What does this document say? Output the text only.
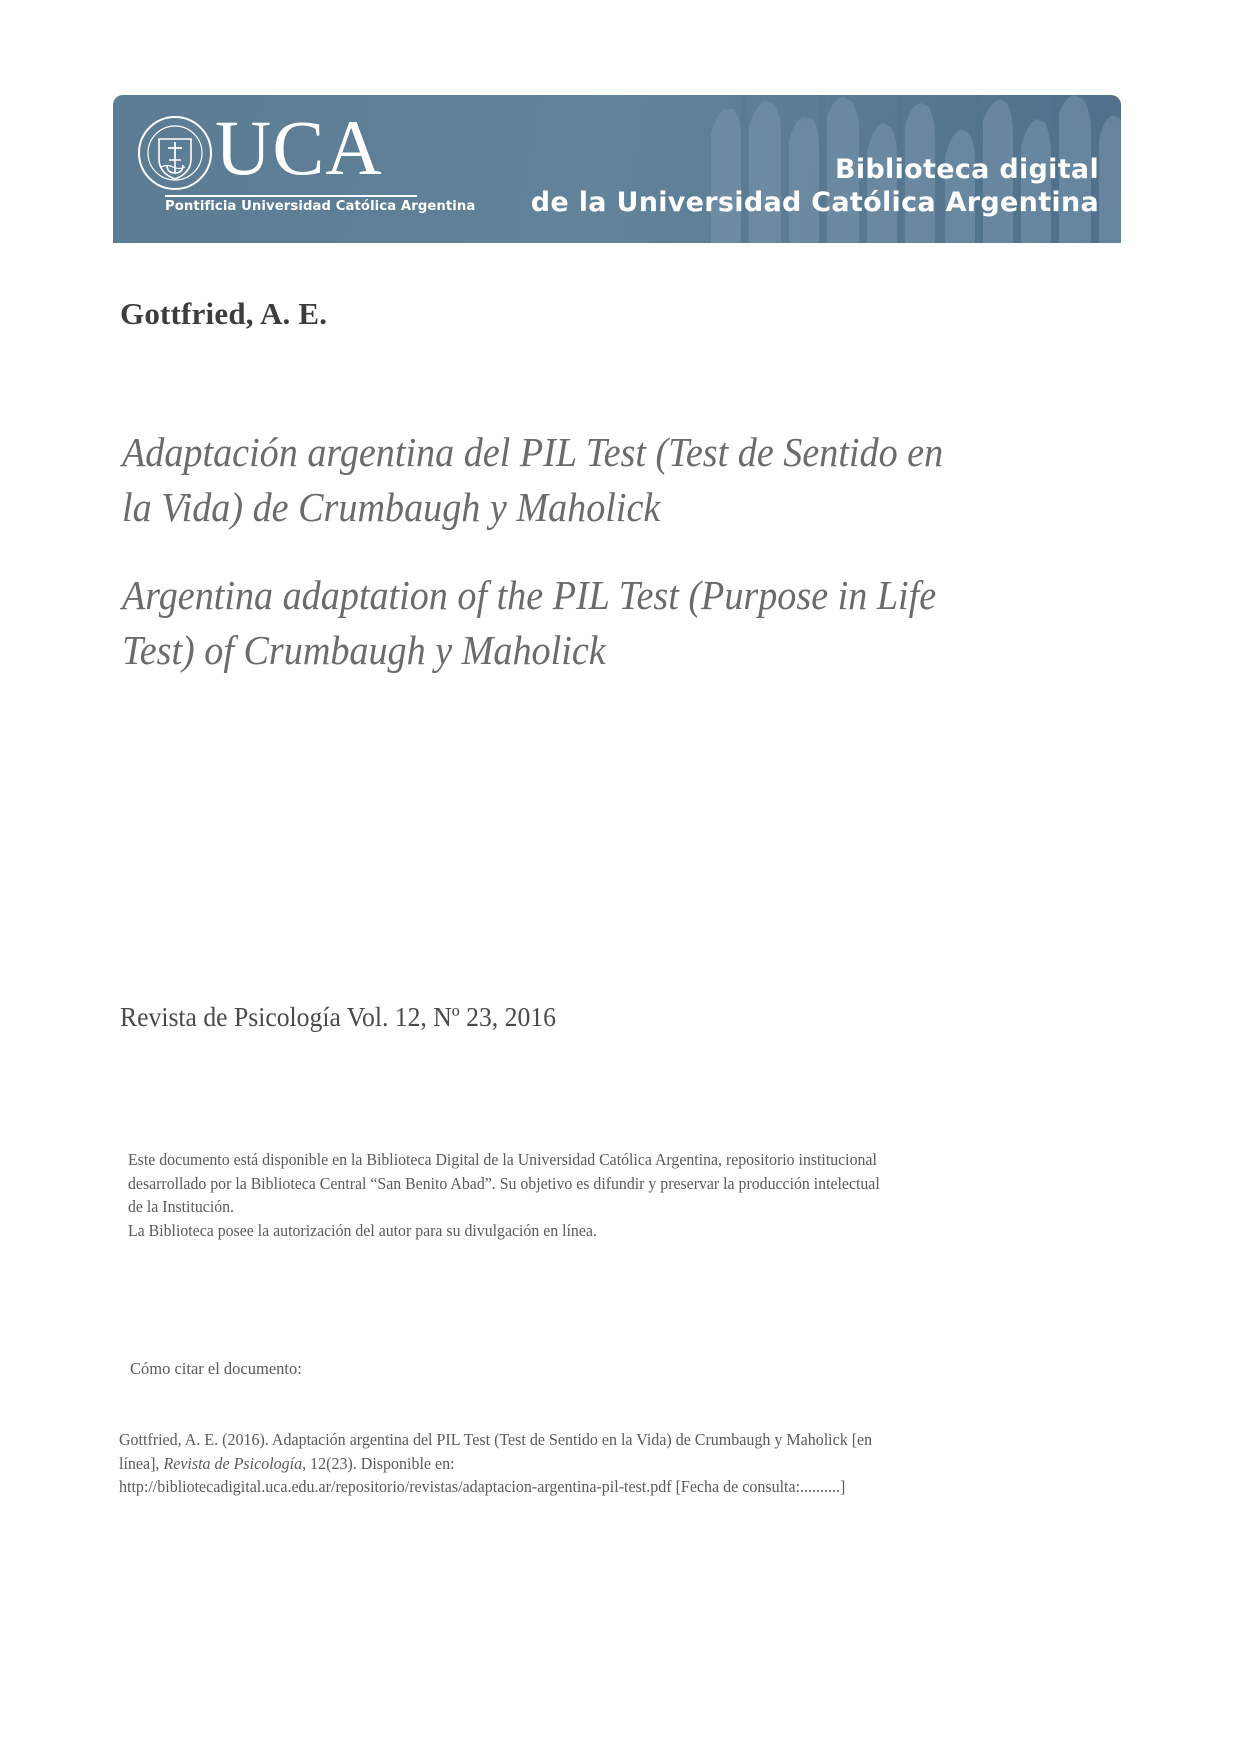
UCA
Pontificia Universidad Católica Argentina
Biblioteca digital
de la Universidad Católica Argentina
Gottfried, A. E.
Adaptación argentina del PIL Test (Test de Sentido en la Vida) de Crumbaugh y Maholick
Argentina adaptation of the PIL Test (Purpose in Life Test) of Crumbaugh y Maholick
Revista de Psicología Vol. 12, Nº 23, 2016

Este documento está disponible en la Biblioteca Digital de la Universidad Católica Argentina, repositorio institucional

desarrollado por la Biblioteca Central “San Benito Abad”. Su objetivo es difundir y preservar la producción intelectual

de la Institución.

La Biblioteca posee la autorización del autor para su divulgación en línea.

Cómo citar el documento:

Gottfried, A. E. (2016). Adaptación argentina del PIL Test (Test de Sentido en la Vida) de Crumbaugh y Maholick [en

línea], Revista de Psicología, 12(23). Disponible en:

http://bibliotecadigital.uca.edu.ar/repositorio/revistas/adaptacion-argentina-pil-test.pdf [Fecha de consulta:..........]
